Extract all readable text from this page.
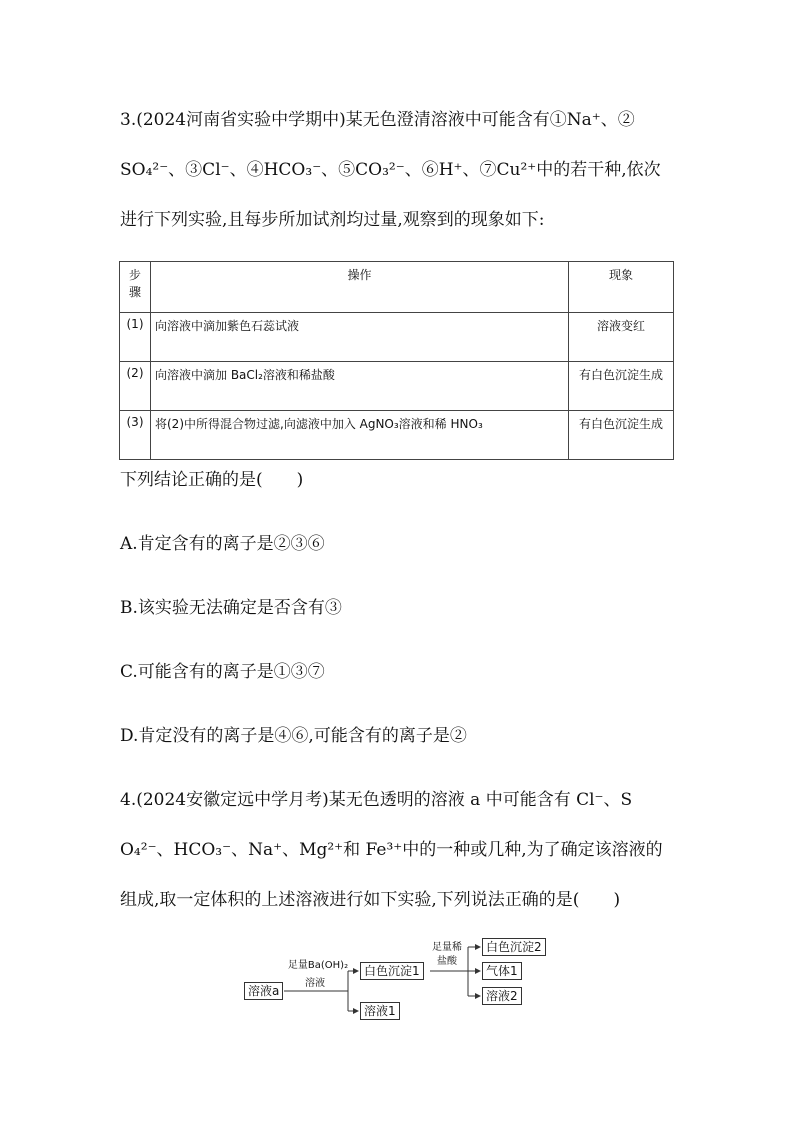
3.(2024河南省实验中学期中)某无色澄清溶液中可能含有①Na⁺、②
SO₄²⁻、③Cl⁻、④HCO₃⁻、⑤CO₃²⁻、⑥H⁺、⑦Cu²⁺中的若干种,依次
进行下列实验,且每步所加试剂均过量,观察到的现象如下:
步骤	操作	现象
(1)	向溶液中滴加紫色石蕊试液	溶液变红
(2)	向溶液中滴加 BaCl₂溶液和稀盐酸	有白色沉淀生成
(3)	将(2)中所得混合物过滤,向滤液中加入 AgNO₃溶液和稀 HNO₃	有白色沉淀生成
下列结论正确的是(　　)
A.肯定含有的离子是②③⑥
B.该实验无法确定是否含有③
C.可能含有的离子是①③⑦
D.肯定没有的离子是④⑥,可能含有的离子是②
4.(2024安徽定远中学月考)某无色透明的溶液 a 中可能含有 Cl⁻、S
O₄²⁻、HCO₃⁻、Na⁺、Mg²⁺和 Fe³⁺中的一种或几种,为了确定该溶液的
组成,取一定体积的上述溶液进行如下实验,下列说法正确的是(　　)
溶液a
足量Ba(OH)₂
溶液
白色沉淀1
溶液1
足量稀
盐酸
白色沉淀2
气体1
溶液2
